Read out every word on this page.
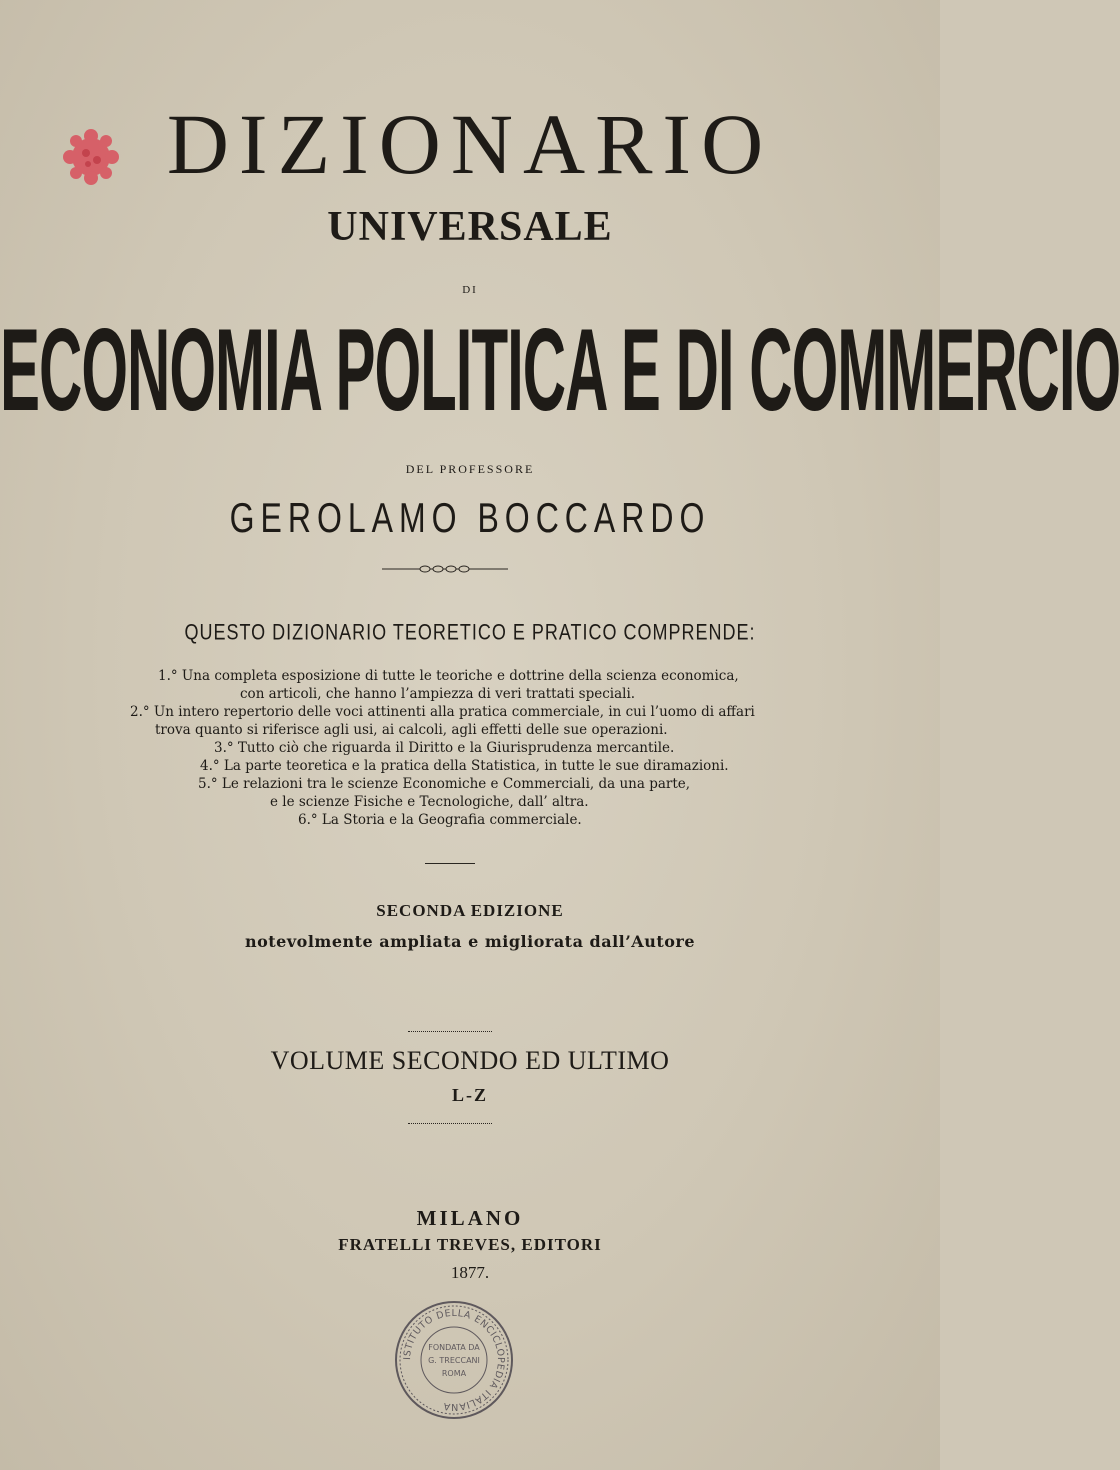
DIZIONARIO
UNIVERSALE
DI
ECONOMIA POLITICA E DI COMMERCIO
DEL PROFESSORE
GEROLAMO BOCCARDO
QUESTO DIZIONARIO TEORETICO E PRATICO COMPRENDE:
1.° Una completa esposizione di tutte le teoriche e dottrine della scienza economica,
con articoli, che hanno l’ampiezza di veri trattati speciali.
2.° Un intero repertorio delle voci attinenti alla pratica commerciale, in cui l’uomo di affari
trova quanto si riferisce agli usi, ai calcoli, agli effetti delle sue operazioni.
3.° Tutto ciò che riguarda il Diritto e la Giurisprudenza mercantile.
4.° La parte teoretica e la pratica della Statistica, in tutte le sue diramazioni.
5.° Le relazioni tra le scienze Economiche e Commerciali, da una parte,
e le scienze Fisiche e Tecnologiche, dall’ altra.
6.° La Storia e la Geografia commerciale.
SECONDA EDIZIONE
notevolmente ampliata e migliorata dall’Autore
VOLUME SECONDO ED ULTIMO
L-Z
MILANO
FRATELLI TREVES, EDITORI
1877.
ISTITUTO DELLA ENCICLOPEDIA ITALIANA
FONDATA DA
G. TRECCANI
ROMA
